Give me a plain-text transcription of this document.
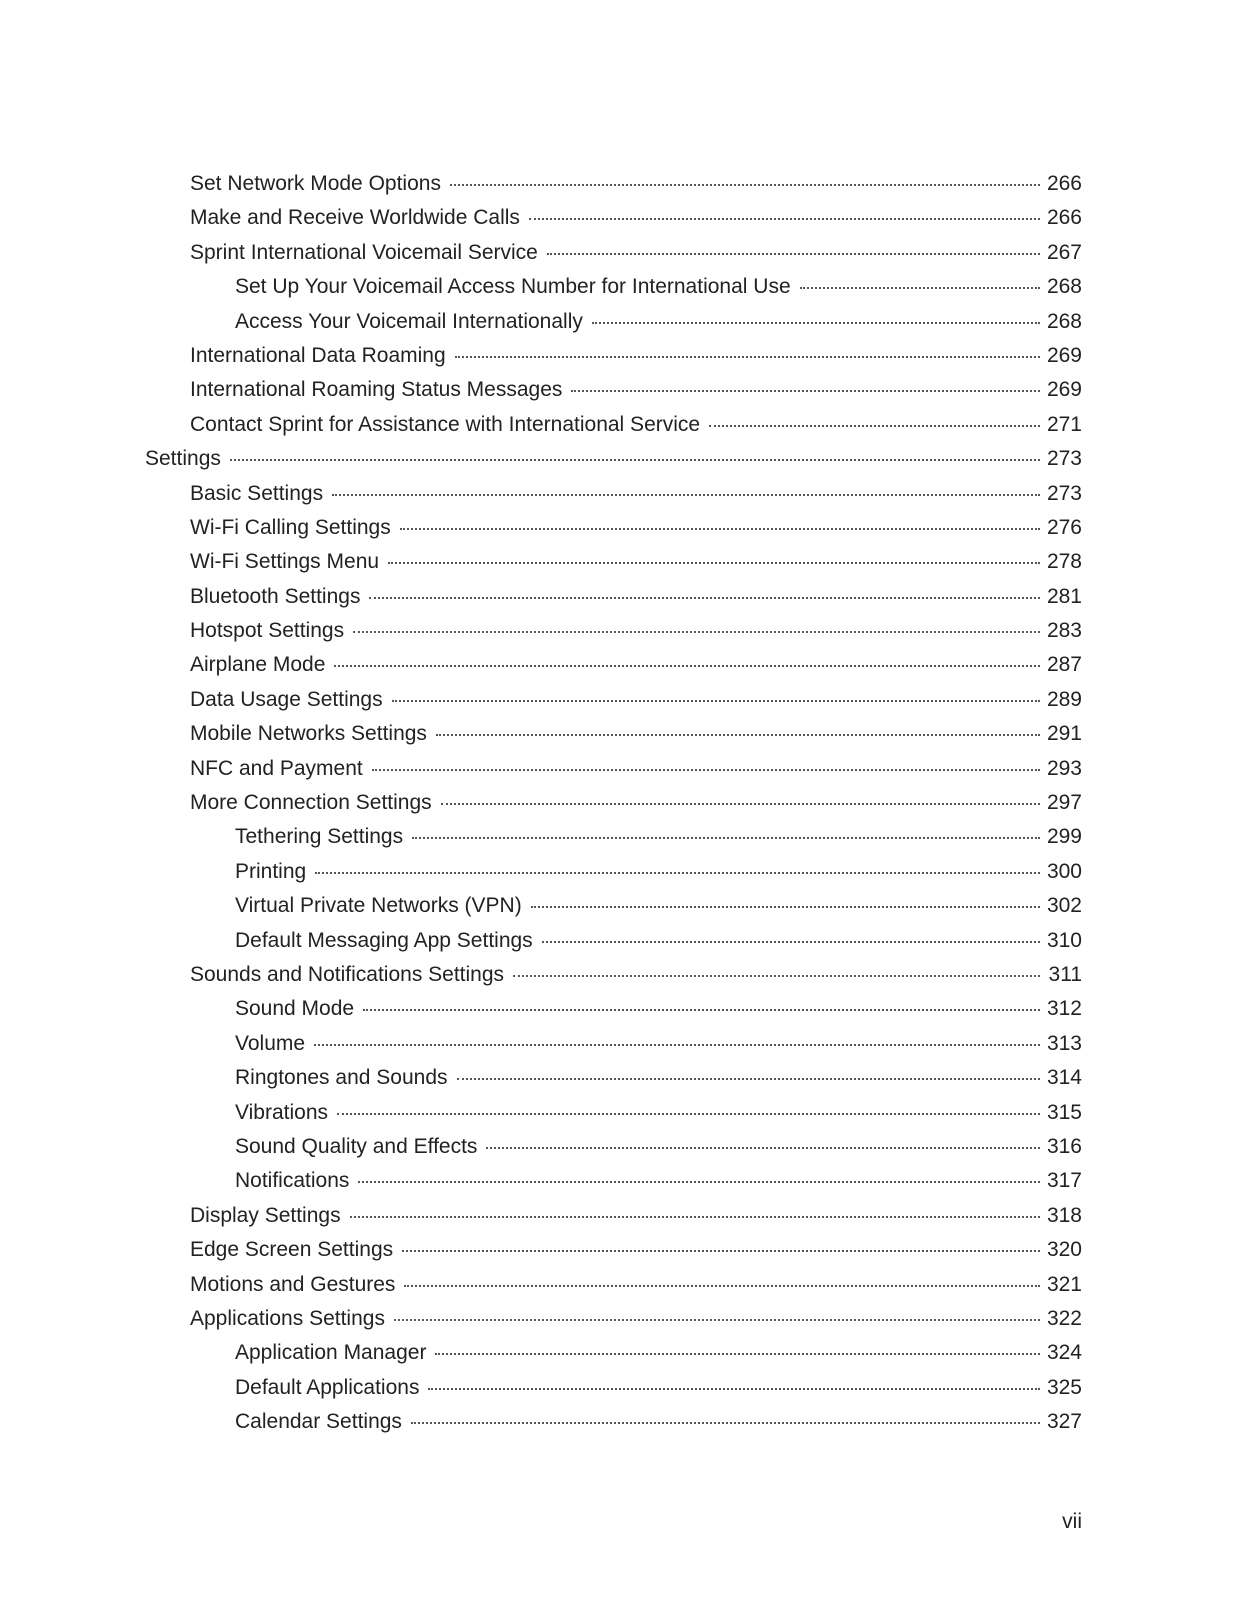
Set Network Mode Options	266
Make and Receive Worldwide Calls	266
Sprint International Voicemail Service	267
Set Up Your Voicemail Access Number for International Use	268
Access Your Voicemail Internationally	268
International Data Roaming	269
International Roaming Status Messages	269
Contact Sprint for Assistance with International Service	271
Settings	273
Basic Settings	273
Wi-Fi Calling Settings	276
Wi-Fi Settings Menu	278
Bluetooth Settings	281
Hotspot Settings	283
Airplane Mode	287
Data Usage Settings	289
Mobile Networks Settings	291
NFC and Payment	293
More Connection Settings	297
Tethering Settings	299
Printing	300
Virtual Private Networks (VPN)	302
Default Messaging App Settings	310
Sounds and Notifications Settings	311
Sound Mode	312
Volume	313
Ringtones and Sounds	314
Vibrations	315
Sound Quality and Effects	316
Notifications	317
Display Settings	318
Edge Screen Settings	320
Motions and Gestures	321
Applications Settings	322
Application Manager	324
Default Applications	325
Calendar Settings	327
vii
